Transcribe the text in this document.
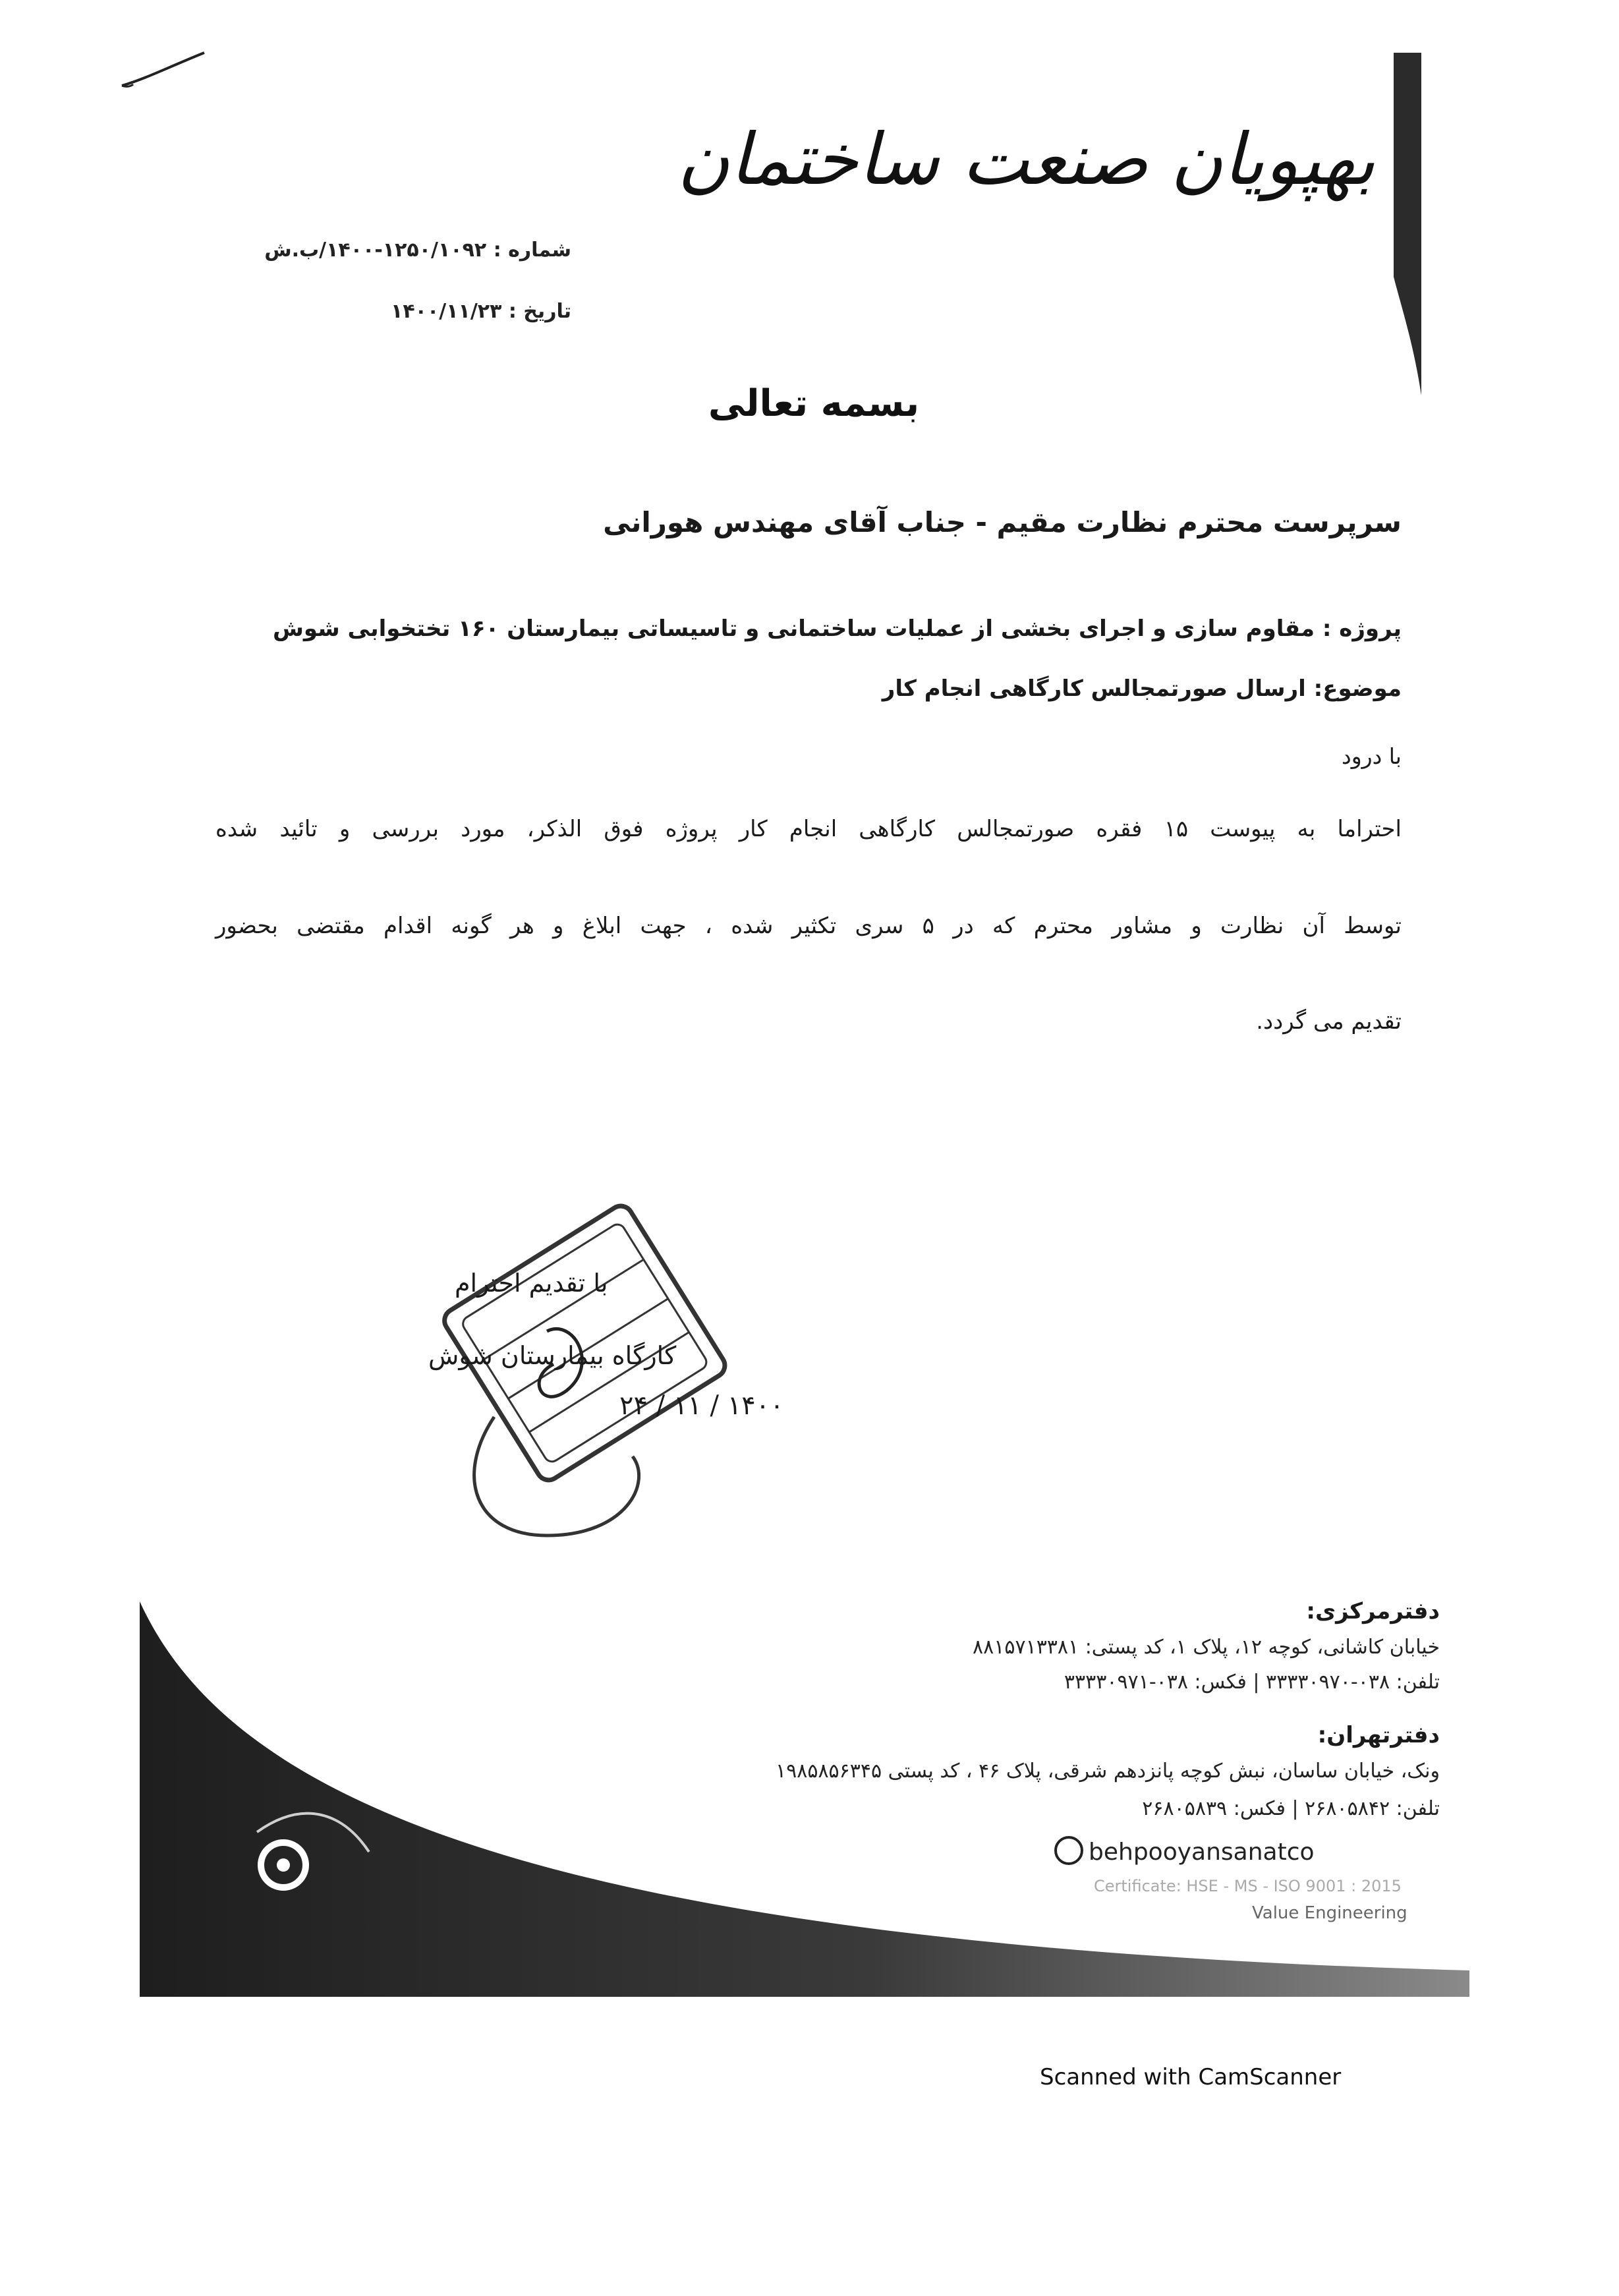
بهپویان صنعت ساختمان
شماره : ۱۲۵۰/۱۰۹۲-۱۴۰۰/ب.ش
تاریخ : ۱۴۰۰/۱۱/۲۳
بسمه تعالی
سرپرست محترم نظارت مقیم - جناب آقای مهندس هورانی
پروژه : مقاوم سازی و اجرای بخشی از عملیات ساختمانی و تاسیساتی بیمارستان ۱۶۰ تختخوابی شوش
موضوع: ارسال صورتمجالس کارگاهی انجام کار
با درود
احتراما به پیوست ۱۵ فقره صورتمجالس کارگاهی انجام کار پروژه فوق الذکر، مورد بررسی و تائید شده
توسط آن نظارت و مشاور محترم که در ۵ سری تکثیر شده ، جهت ابلاغ و هر گونه اقدام مقتضی بحضور
تقدیم می گردد.
با تقدیم احترام
کارگاه بیمارستان شوش
۲۴ / ۱۱ / ۱۴۰۰
دفترمرکزی:
خیابان کاشانی، کوچه ۱۲، پلاک ۱، کد پستی: ۸۸۱۵۷۱۳۳۸۱
تلفن: ۰۳۸-۳۳۳۳۰۹۷۰ | فکس: ۰۳۸-۳۳۳۳۰۹۷۱
دفترتهران:
ونک، خیابان ساسان، نبش کوچه پانزدهم شرقی، پلاک ۴۶ ، کد پستی ۱۹۸۵۸۵۶۳۴۵
تلفن: ۲۶۸۰۵۸۴۲ | فکس: ۲۶۸۰۵۸۳۹
behpooyansanatco
Certificate: HSE - MS - ISO 9001 : 2015
Value Engineering
Scanned with CamScanner
